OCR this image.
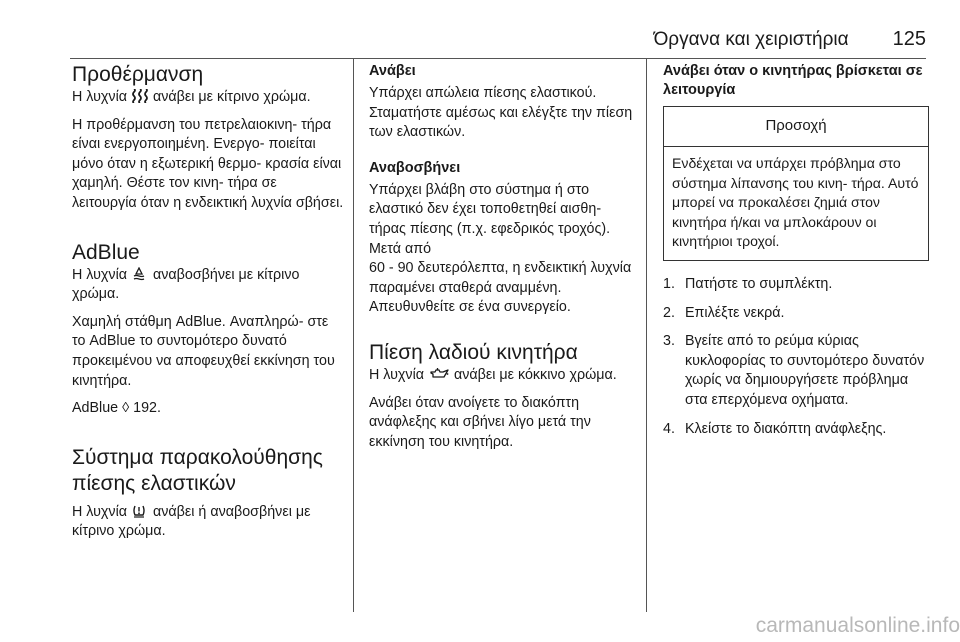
Όργανα και χειριστήρια 125
Προθέρμανση

Η λυχνία
ανάβει με κίτρινο χρώμα.

Η προθέρμανση του πετρελαιοκινη- τήρα είναι ενεργοποιημένη. Ενεργο- ποιείται μόνο όταν η εξωτερική θερμο- κρασία είναι χαμηλή. Θέστε τον κινη- τήρα σε λειτουργία όταν η ενδεικτική λυχνία σβήσει.

AdBlue

Η λυχνία
αναβοσβήνει με κίτρινο χρώμα.

Χαμηλή στάθμη AdBlue. Αναπληρώ- στε το AdBlue το συντομότερο δυνατό προκειμένου να αποφευχθεί εκκίνηση του κινητήρα.

AdBlue ◊ 192.

Σύστημα παρακολούθησης πίεσης ελαστικών

Η λυχνία
ανάβει ή αναβοσβήνει με κίτρινο χρώμα.

Ανάβει

Υπάρχει απώλεια πίεσης ελαστικού. Σταματήστε αμέσως και ελέγξτε την πίεση των ελαστικών.

Αναβοσβήνει

Υπάρχει βλάβη στο σύστημα ή στο ελαστικό δεν έχει τοποθετηθεί αισθη- τήρας πίεσης (π.χ. εφεδρικός τροχός). Μετά από

60 - 90 δευτερόλεπτα, η ενδεικτική λυχνία παραμένει σταθερά αναμμένη. Απευθυνθείτε σε ένα συνεργείο.

Πίεση λαδιού κινητήρα

Η λυχνία
ανάβει με κόκκινο χρώμα.

Ανάβει όταν ανοίγετε το διακόπτη ανάφλεξης και σβήνει λίγο μετά την εκκίνηση του κινητήρα.

Ανάβει όταν ο κινητήρας βρίσκεται σε λειτουργία
Προσοχή
Ενδέχεται να υπάρχει πρόβλημα στο σύστημα λίπανσης του κινη- τήρα. Αυτό μπορεί να προκαλέσει ζημιά στον κινητήρα ή/και να μπλοκάρουν οι κινητήριοι τροχοί.
1. Πατήστε το συμπλέκτη.
2. Επιλέξτε νεκρά.
3. Βγείτε από το ρεύμα κύριας κυκλοφορίας το συντομότερο δυνατόν χωρίς να δημιουργήσετε πρόβλημα στα επερχόμενα οχήματα.
4. Κλείστε το διακόπτη ανάφλεξης.
carmanualsonline.info
